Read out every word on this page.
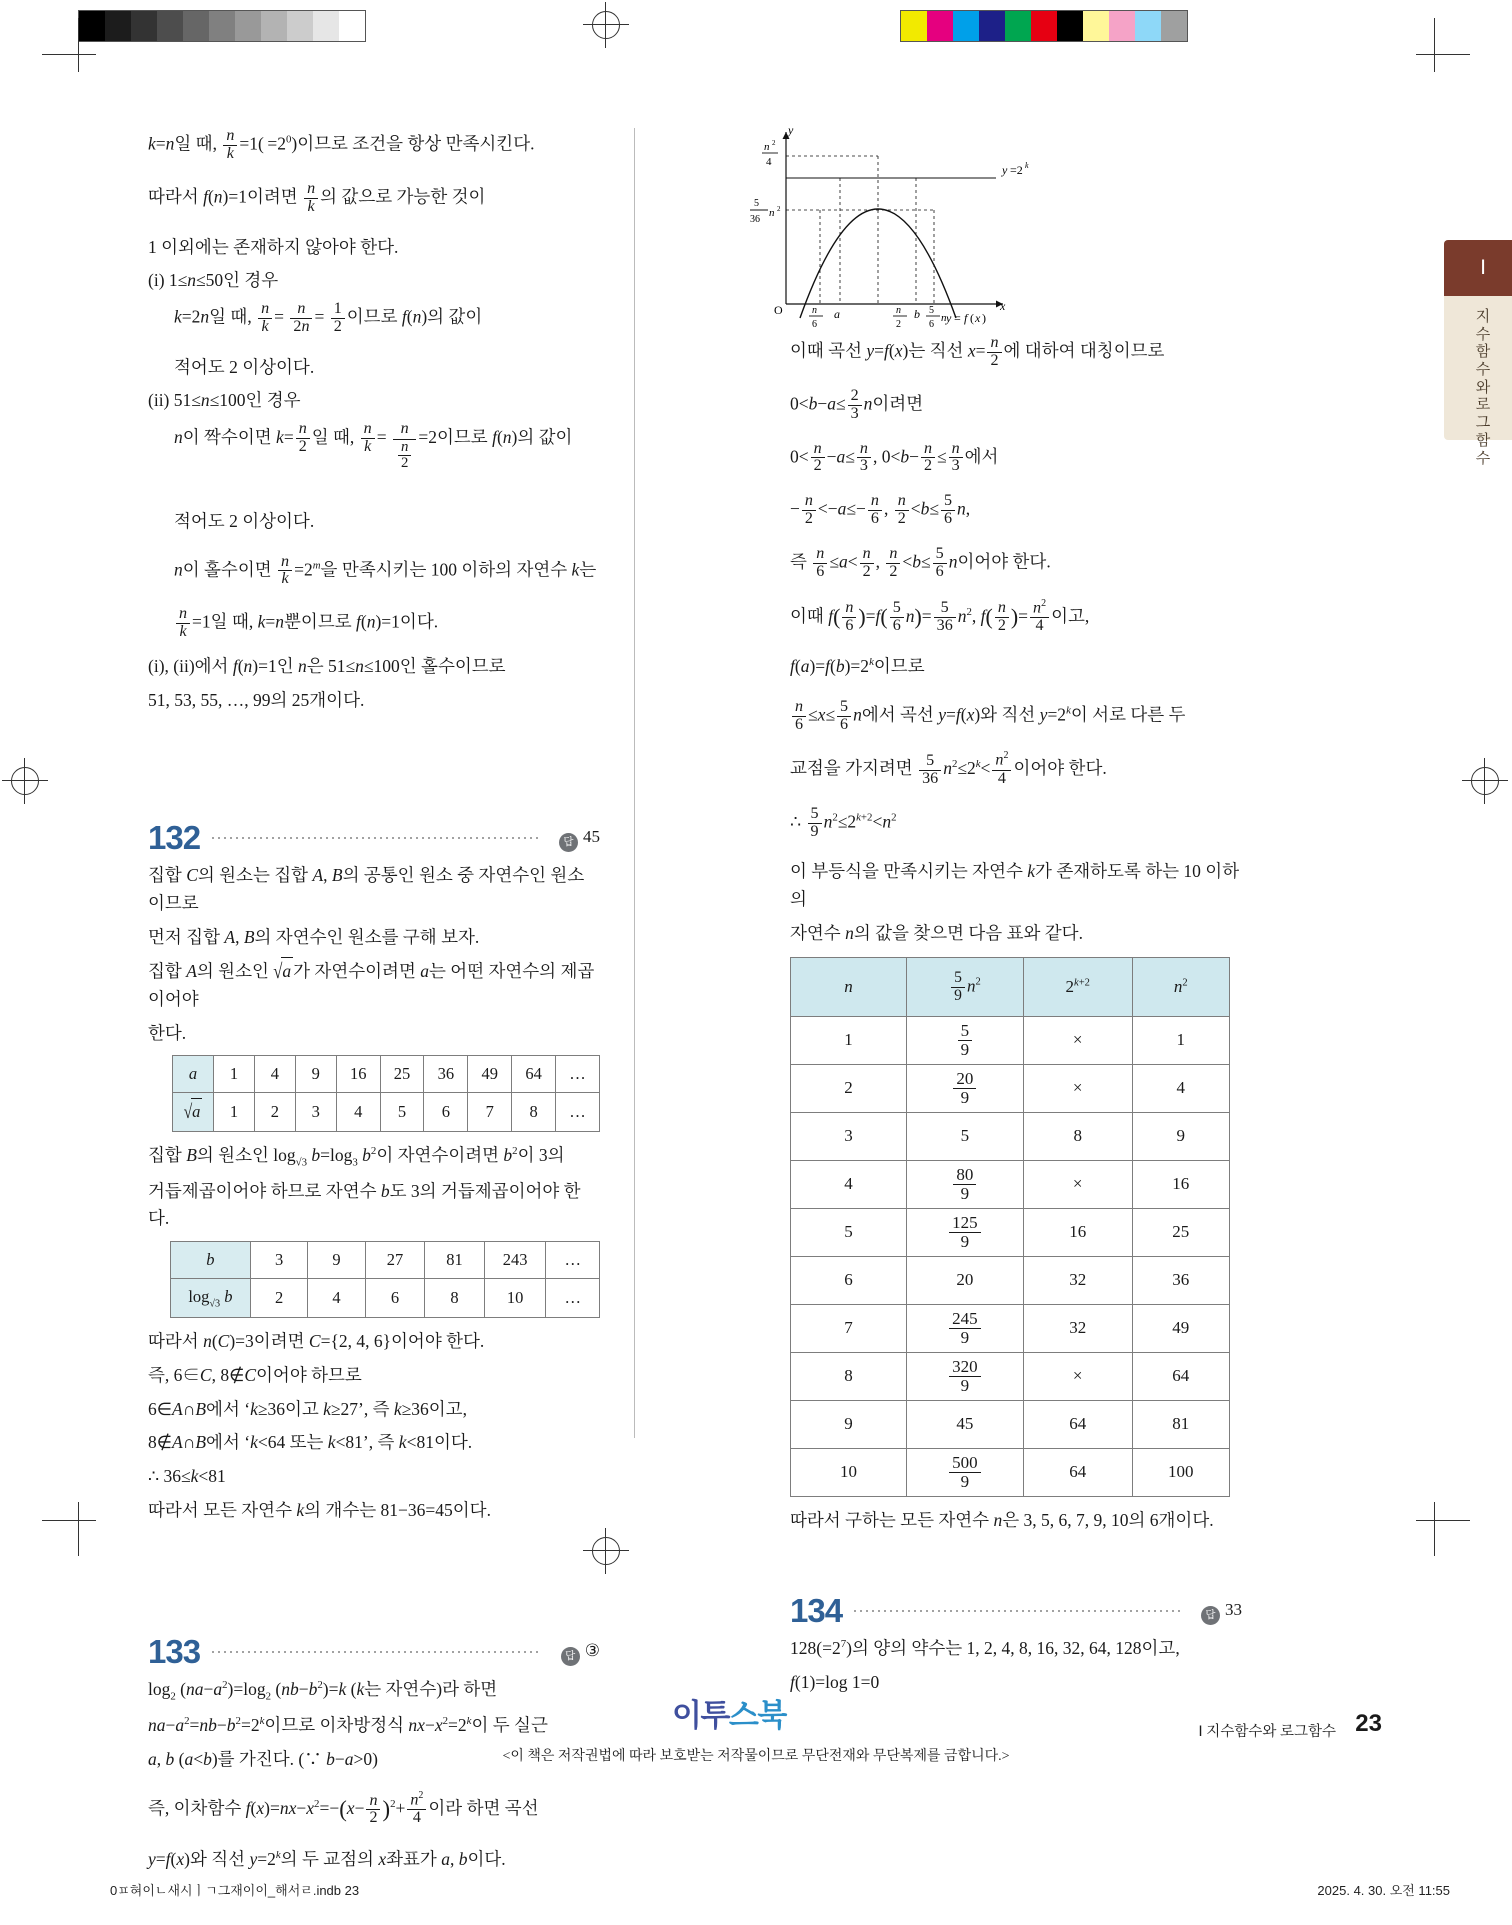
k=n일 때, $\frac{n}{k} =1( =2^0)$이므로 조건을 항상 만족시킨다.

따라서 f(n)=1이려면 $\frac{n}{k}$ 의 값으로 가능한 것이

1 이외에는 존재하지 않아야 한다.

(i) 1≤n≤50인 경우

k=2n일 때, $\frac{n}{k} = \frac{n}{2n} = \frac{1}{2}$ 이므로 f(n)의 값이

적어도 2 이상이다.

(ii) 51≤n≤100인 경우

n이 짝수이면 $k= \frac{n}{2}$ 일 때, $\frac{n}{k} = \frac{n}{\frac{n}{2}} =2$이므로 f(n)의 값이

적어도 2 이상이다.

n이 홀수이면 $\frac{n}{k} =2^m$을 만족시키는 100 이하의 자연수 k는

$\frac{n}{k} =1$일 때, k=n뿐이므로 f(n)=1이다.

(i), (ii)에서 f(n)=1인 n은 51≤n≤100인 홀수이므로

51, 53, 55, …, 99의 25개이다.

132	답 45

집합 C의 원소는 집합 A, B의 공통인 원소 중 자연수인 원소이므로

먼저 집합 A, B의 자연수인 원소를 구해 보자.

집합 A의 원소인 √a 가 자연수이려면 a는 어떤 자연수의 제곱이어야

한다.

a	1	4	9	16	25	36	49	64	…
√a	1	2	3	4	5	6	7	8	…

집합 B의 원소인 $\log_{√3} b=\log_3$ $b^2$이 자연수이려면 $b^2$이 3의

거듭제곱이어야 하므로 자연수 b도 3의 거듭제곱이어야 한다.

b	3	9	27	81	243	…
$\log_{√3} b$	2	4	6	8	10	…

따라서 n(C)=3이려면 C={2, 4, 6}이어야 한다.

즉, 6∈C, 8∉C이어야 하므로

6∈A∩B에서 ‘k≥36이고 k≥27’, 즉 k≥36이고,

8∉A∩B에서 ‘k<64 또는 k<81’, 즉 k<81이다.

∴ 36≤k<81

따라서 모든 자연수 k의 개수는 81−36=45이다.

133	답 ③

$\log_2 (na-a^2)=\log_2$ $(nb-b^2)=k$ (k는 자연수)라 하면

$na-a^2=nb-b^2=2^k$이므로 이차방정식 $nx-x^2=2^k$이 두 실근

a, b (a<b)를 가진다. (∵ b−a>0)

즉, 이차함수 $f(x)=nx-x^2=-(x- \frac{n}{2} )^2+ \frac{n^2}{4}$ 이라 하면 곡선

y=f(x)와 직선 $y=2^k$의 두 교점의 x좌표가 a, b이다.

y
x
O
n 2
4
5
36
n 2
y =2 k
y = f ( x )
n
6
a	n
2
b 5
6
n

이때 곡선 y=f(x)는 직선 $x= \frac{n}{2}$ 에 대하여 대칭이므로

$0<b-a\le \frac{2}{3}$ n이려면

$0< \frac{n}{2} -a\le \frac{n}{3}$ , $0<b- \frac{n}{2} \le \frac{n}{3}$ 에서

− $\frac{n}{2} <-a\le- \frac{n}{6}$ , $\frac{n}{2} <b\le \frac{5}{6} n$,

즉 $\frac{n}{6} \le a< \frac{n}{2}$ , $\frac{n}{2} <b\le \frac{5}{6}$ n이어야 한다.

이때 $f( \frac{n}{6} )=f( \frac{5}{6} n)= \frac{5}{36} n^2$, $f( \frac{n}{2}$ )= $\frac{n^2}{4}$ 이고,

$f(a)=f(b)=2^k$이므로

$\frac{n}{6} \le x\le \frac{5}{6}$ n에서 곡선 y=f(x)와 직선 $y=2^k$이 서로 다른 두

교점을 가지려면 $\frac{5}{36} n^2\le 2^k< \frac{n^2}{4}$ 이어야 한다.

∴ $\frac{5}{9} n^2\le 2^{k+2}<n^2$

이 부등식을 만족시키는 자연수 k가 존재하도록 하는 10 이하의

자연수 n의 값을 찾으면 다음 표와 같다.

n	$\frac{5}{9} n^2$	$2^{k+2}$	$n^2$
1	$\frac{5}{9}$	×	1
2	$\frac{20}{9}$	×	4
3	5	8	9
4	$\frac{80}{9}$	×	16
5	$\frac{125}{9}$	16	25
6	20	32	36
7	$\frac{245}{9}$	32	49
8	$\frac{320}{9}$	×	64
9	45	64	81
10	$\frac{500}{9}$	64	100

따라서 구하는 모든 자연수 n은 3, 5, 6, 7, 9, 10의 6개이다.

134	답 33

$128(=2^7)$의 양의 약수는 1, 2, 4, 8, 16, 32, 64, 128이고,

f(1)=log 1=0

Ⅰ
지수함수와 로그함수
이투스북
<이 책은 저작권법에 따라 보호받는 저작물이므로 무단전재와 무단복제를 금합니다.>
Ⅰ 지수함수와 로그함수 23
0ㅍ혀이ㄴ새시ㅣㄱ그재이이_해서ㄹ.indb 23	2025. 4. 30. 오전 11:55
